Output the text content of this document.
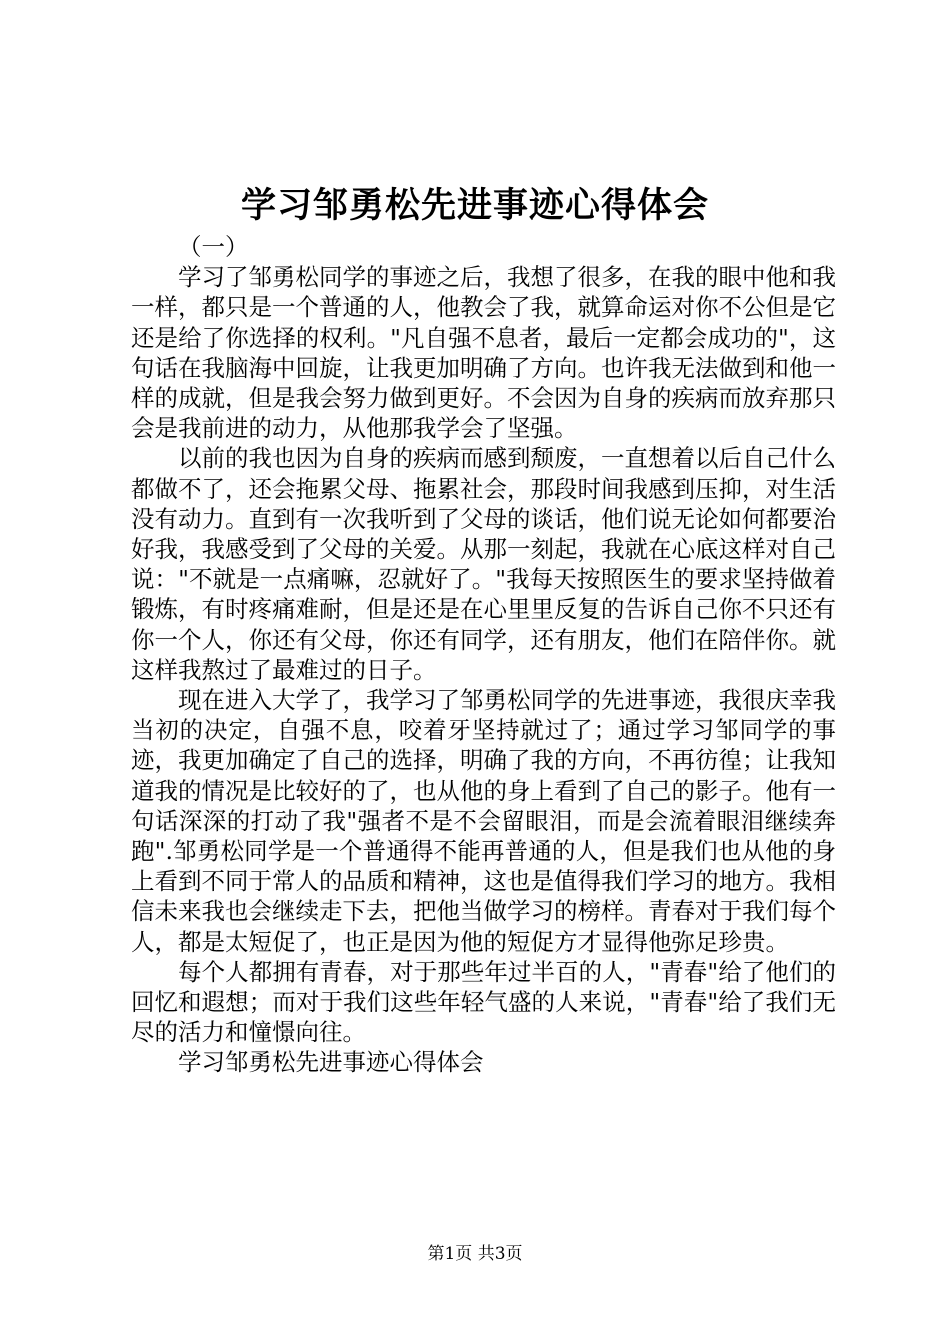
学习邹勇松先进事迹心得体会

（一）

学习了邹勇松同学的事迹之后，我想了很多，在我的眼中他和我一样，都只是一个普通的人，他教会了我，就算命运对你不公但是它还是给了你选择的权利。"凡自强不息者，最后一定都会成功的"，这句话在我脑海中回旋，让我更加明确了方向。也许我无法做到和他一样的成就，但是我会努力做到更好。不会因为自身的疾病而放弃那只会是我前进的动力，从他那我学会了坚强。

以前的我也因为自身的疾病而感到颓废，一直想着以后自己什么都做不了，还会拖累父母、拖累社会，那段时间我感到压抑，对生活没有动力。直到有一次我听到了父母的谈话，他们说无论如何都要治好我，我感受到了父母的关爱。从那一刻起，我就在心底这样对自己说："不就是一点痛嘛，忍就好了。"我每天按照医生的要求坚持做着锻炼，有时疼痛难耐，但是还是在心里里反复的告诉自己你不只还有你一个人，你还有父母，你还有同学，还有朋友，他们在陪伴你。就这样我熬过了最难过的日子。

现在进入大学了，我学习了邹勇松同学的先进事迹，我很庆幸我当初的决定，自强不息，咬着牙坚持就过了；通过学习邹同学的事迹，我更加确定了自己的选择，明确了我的方向，不再彷徨；让我知道我的情况是比较好的了，也从他的身上看到了自己的影子。他有一句话深深的打动了我"强者不是不会留眼泪，而是会流着眼泪继续奔跑".邹勇松同学是一个普通得不能再普通的人，但是我们也从他的身上看到不同于常人的品质和精神，这也是值得我们学习的地方。我相信未来我也会继续走下去，把他当做学习的榜样。青春对于我们每个人，都是太短促了，也正是因为他的短促方才显得他弥足珍贵。

每个人都拥有青春，对于那些年过半百的人，"青春"给了他们的回忆和遐想；而对于我们这些年轻气盛的人来说，"青春"给了我们无尽的活力和憧憬向往。

学习邹勇松先进事迹心得体会

第1页 共3页
